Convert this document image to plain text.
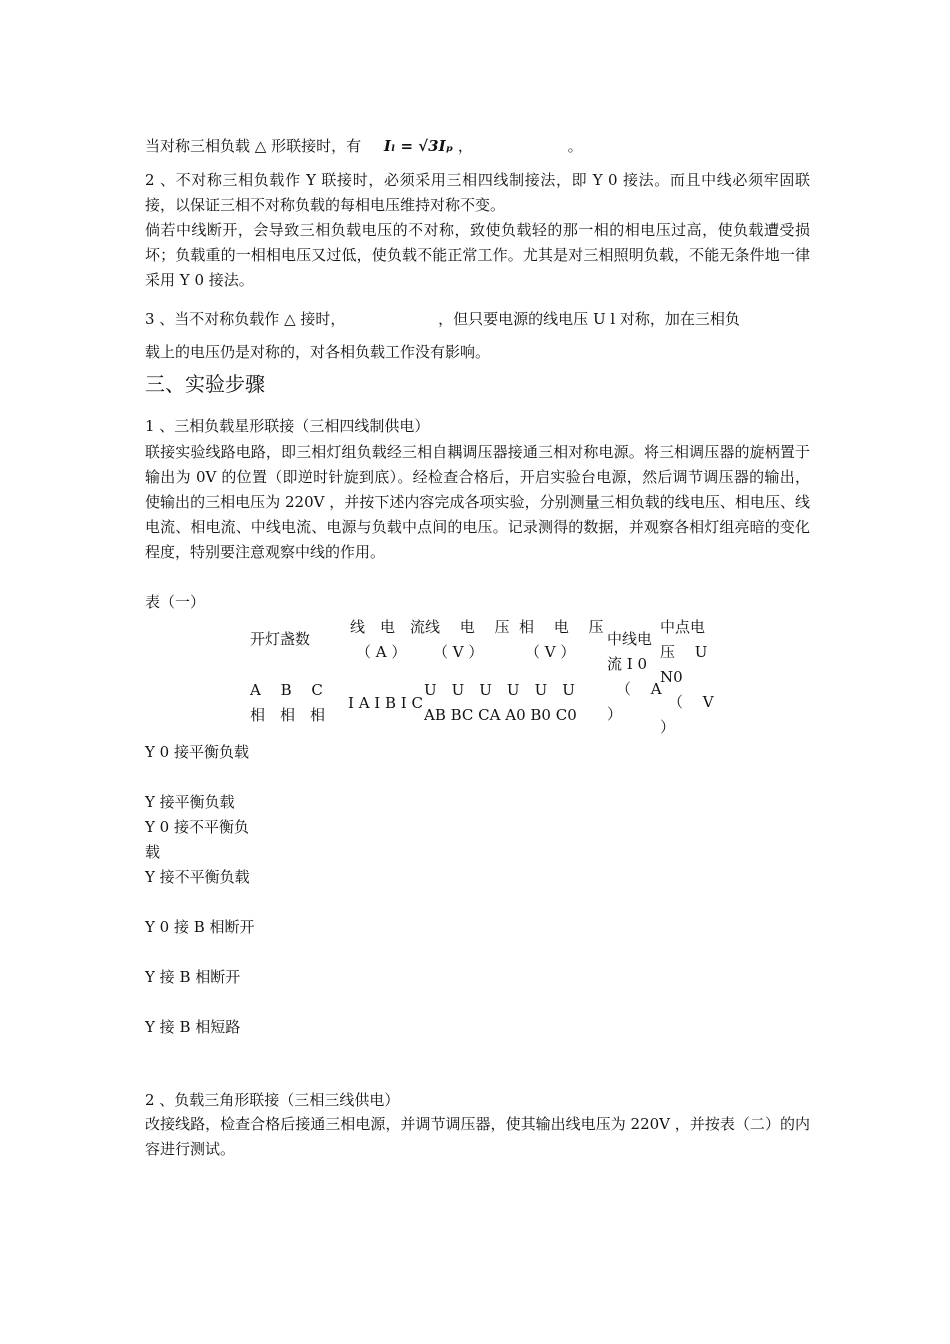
当对称三相负载 △ 形联接时，有 Iₗ = √3Iₚ ，	。
2 、不对称三相负载作 Y 联接时，必须采用三相四线制接法，即 Y 0 接法。而且中线必须牢固联接，以保证三相不对称负载的每相电压维持对称不变。
倘若中线断开，会导致三相负载电压的不对称，致使负载轻的那一相的相电压过高，使负载遭受损坏；负载重的一相相电压又过低，使负载不能正常工作。尤其是对三相照明负载，不能无条件地一律采用 Y 0 接法。
3 、当不对称负载作 △ 接时，	，但只要电源的线电压 U l 对称，加在三相负
载上的电压仍是对称的，对各相负载工作没有影响。
三、实验步骤
1 、三相负载星形联接（三相四线制供电）
联接实验线路电路，即三相灯组负载经三相自耦调压器接通三相对称电源。将三相调压器的旋柄置于输出为 0V 的位置（即逆时针旋到底）。经检查合格后，开启实验台电源，然后调节调压器的输出，使输出的三相电压为 220V ，并按下述内容完成各项实验，分别测量三相负载的线电压、相电压、线电流、相电流、中线电流、电源与负载中点间的电压。记录测得的数据，并观察各相灯组亮暗的变化程度，特别要注意观察中线的作用。
表（一）
开灯盏数
线　电　流
（ A ）
线　 电　 压
（ V ）
相　 电　 压
（ V ）
中线电
流 I 0
（　 A
）
中点电
压　 U
N0
（　 V
）
A　 B　 C
相　相　相
I A I B I C
U　U　U　U　U　U
AB BC CA A0 B0 C0
Y 0 接平衡负载
Y 接平衡负载
Y 0 接不平衡负载
Y 接不平衡负载
Y 0 接 B 相断开
Y 接 B 相断开
Y 接 B 相短路
2 、负载三角形联接（三相三线供电）
改接线路，检查合格后接通三相电源，并调节调压器，使其输出线电压为 220V ，并按表（二）的内容进行测试。
